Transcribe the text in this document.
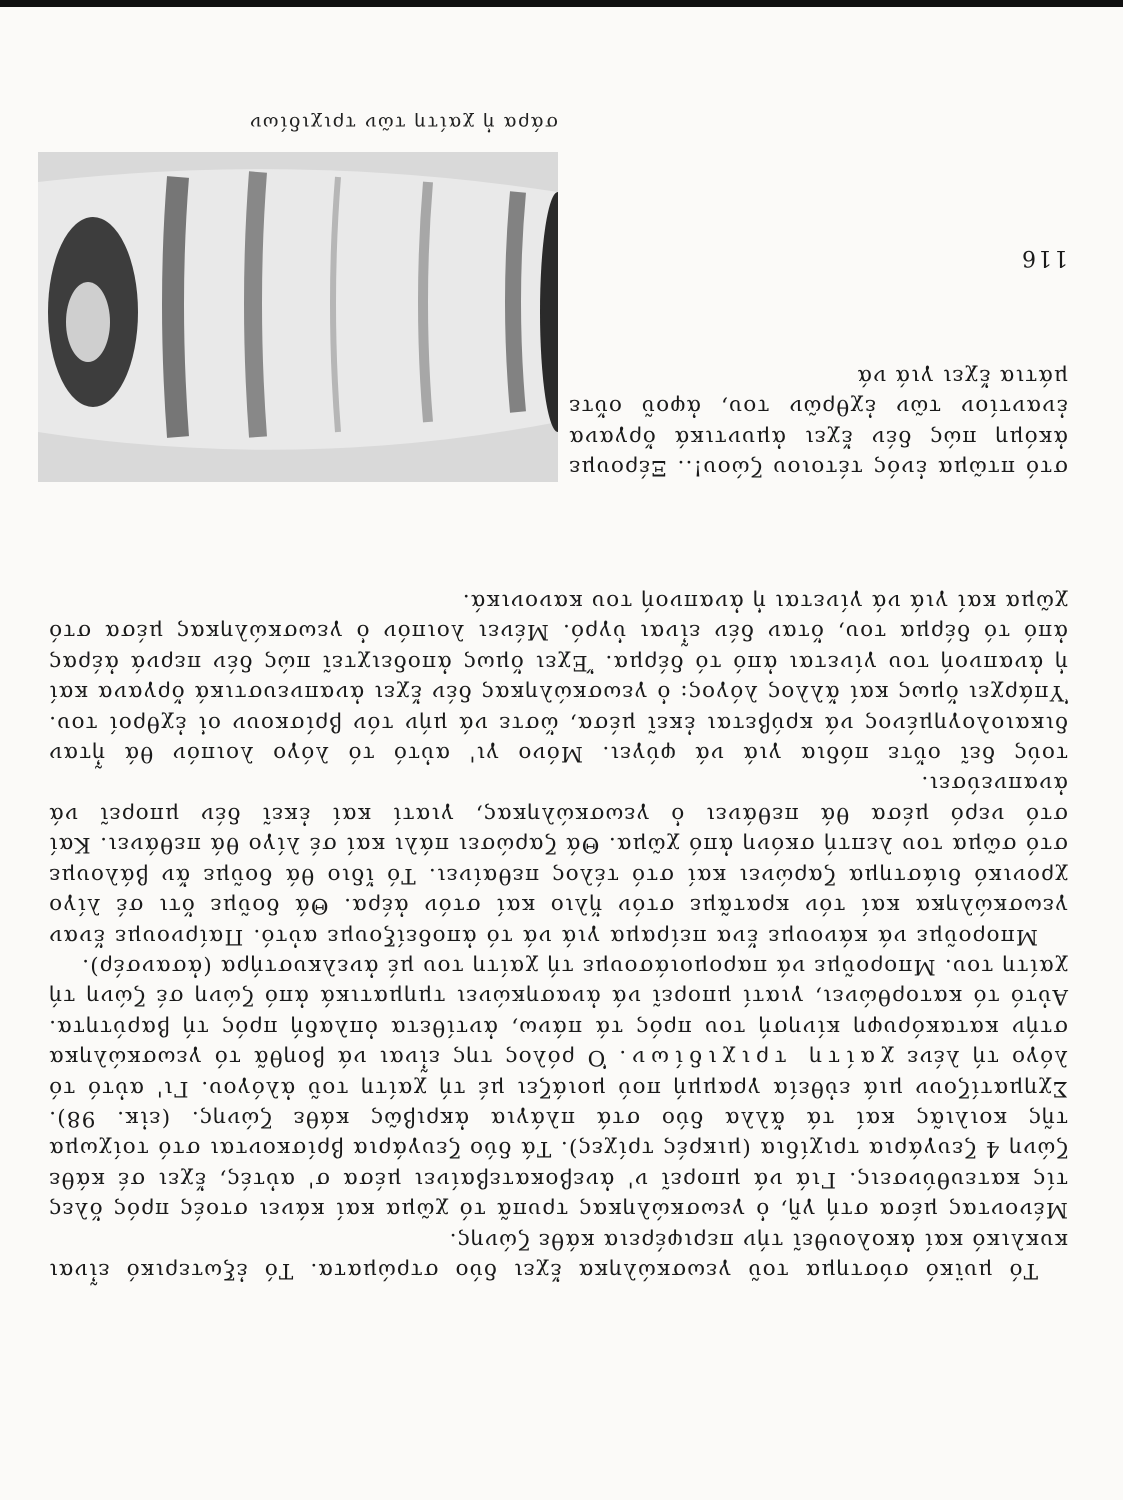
116

Τό μυϊκό σύστημα τοῦ γεωσκώληκα ἔχει δύο στρώματα. Τό ἐξωτερικό εἶναι κυκλικό καί ἀκολουθεῖ τήν περιφέρεια κάθε ζώνης.

Μένοντας μέσα στή γῆ, ὁ γεωσκώληκας τρυπᾶ τό χῶμα καί κάνει στοές πρός ὅλες τίς κατευθύνσεις. Γιά νά μπορεῖ ν' ἀνεβοκατεβαίνει μέσα σ' αὐτές, ἔχει σέ κάθε ζώνη 4 ζευγάρια τριχίδια (μικρές τρίχες). Τά δύο ζευγάρια βρίσκονται στό τοίχωμα τῆς κοιλιᾶς καί τά ἄλλα δύο στά πλάγια ἀκριβῶς κάθε ζώνης. (εἰκ. 98). Σχηματίζουν μιά εὐθεία γραμμή πού μοιάζει μέ τή χαίτη τοῦ ἀλόγου. Γι' αὐτό τό λόγο τή λένε χαίτη τριχιδίων. Ὁ ρόλος της εἶναι νά βοηθᾶ τό γεωσκώληκα στήν κατακόρυφη κίνησή του πρός τά πάνω, ἀντίθετα ὀπλαδή πρός τή βαρύτητα. Αὐτό τό κατορθώνει, γιατί μπορεῖ νά ἀνασηκώνει τμηματικά ἀπό ζώνη σέ ζώνη τή χαίτη του. Μποροῦμε νά παρομοιάσουμε τή χαίτη του μέ ἀνελκυστήρα (ἀσανσέρ).

Μποροῦμε νά κάνουμε ἕνα πείραμα γιά νά τό ἀποδείξουμε αὐτό. Παίρνουμε ἕναν γεωσκώληκα καί τόν κρατᾶμε στόν ἥλιο καί στόν ἀέρα. Θά δοῦμε ὅτι σέ λίγο χρονικό διάστημα ζαρώνει καί στό τέλος πεθαίνει. Τό ἴδιο θά δοῦμε ἄν βάλουμε στό σῶμα του λεπτή σκόνη ἀπό χῶμα. Θά ζαρώσει πάλι καί σέ λίγο θά πεθάνει. Καί στό νερό μέσα θά πεθάνει ὁ γεωσκώληκας, γιατί καί ἐκεῖ δέν μπορεῖ νά ἀναπνεύσει.

τούς δεῖ οὔτε πόδια γιά νά φύγει. Μόνο γι' αὐτό τό λόγο λοιπόν θά ἦταν δικαιολογημένος νά κρύβεται ἐκεῖ μέσα, ὥστε νά μήν τόν βρίσκουν οἱ ἐχθροί του. Ὑπάρχει ὅμως καί ἄλλος λόγος: ὁ γεωσκώληκας δέν ἔχει ἀναπνευστικά ὄργανα καί ἡ ἀναπνοή του γίνεται ἀπό τό δέρμα. Ἔχει ὅμως ἀποδειχτεῖ πώς δέν περνά ἀέρας ἀπό τό δέρμα του, ὅταν δέν εἶναι ὑγρό. Μένει λοιπόν ὁ γεωσκώληκας μέσα στό χῶμα καί γιά νά γίνεται ἡ ἀναπνοή του κανονικά.

στό πτῶμα ἑνός τέτοιου ζώου!.. Ξέρουμε ἀκόμη πώς δέν ἔχει ἀμυντικά ὄργανα ἐναντίον τῶν ἐχθρῶν του, ἀφοῦ οὔτε μάτια ἔχει γιά νά

σάρα ἡ χαίτη τῶν τριχιδίων
